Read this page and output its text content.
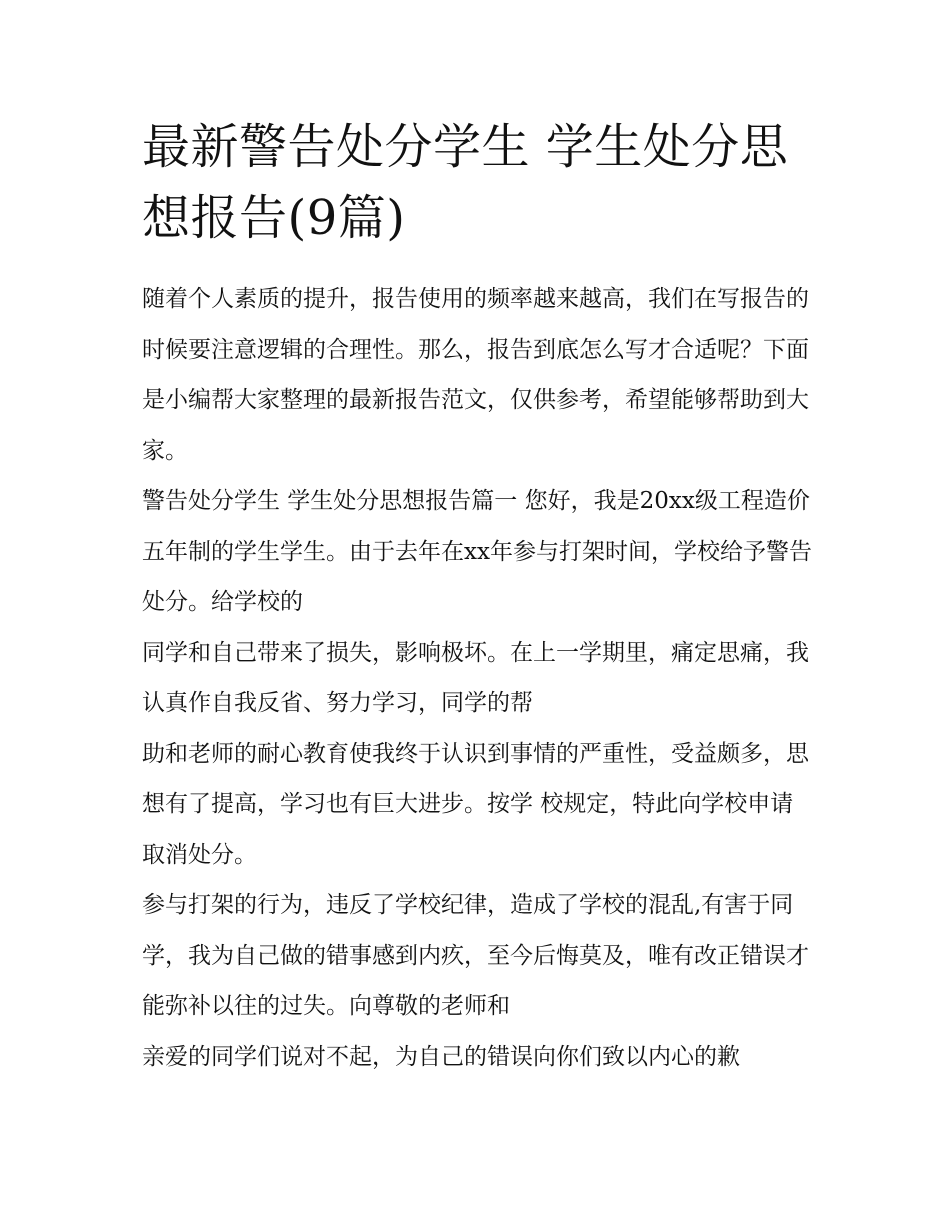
最新警告处分学生 学生处分思想报告(9篇)

随着个人素质的提升，报告使用的频率越来越高，我们在写报告的时候要注意逻辑的合理性。那么，报告到底怎么写才合适呢？下面是小编帮大家整理的最新报告范文，仅供参考，希望能够帮助到大家。

警告处分学生 学生处分思想报告篇一 您好，我是20xx级工程造价五年制的学生学生。由于去年在xx年参与打架时间，学校给予警告处分。给学校的

同学和自己带来了损失，影响极坏。在上一学期里，痛定思痛，我认真作自我反省、努力学习，同学的帮

助和老师的耐心教育使我终于认识到事情的严重性，受益颇多，思想有了提高，学习也有巨大进步。按学 校规定，特此向学校申请取消处分。

参与打架的行为，违反了学校纪律，造成了学校的混乱,有害于同学，我为自己做的错事感到内疚，至今后悔莫及，唯有改正错误才能弥补以往的过失。向尊敬的老师和

亲爱的同学们说对不起，为自己的错误向你们致以内心的歉
